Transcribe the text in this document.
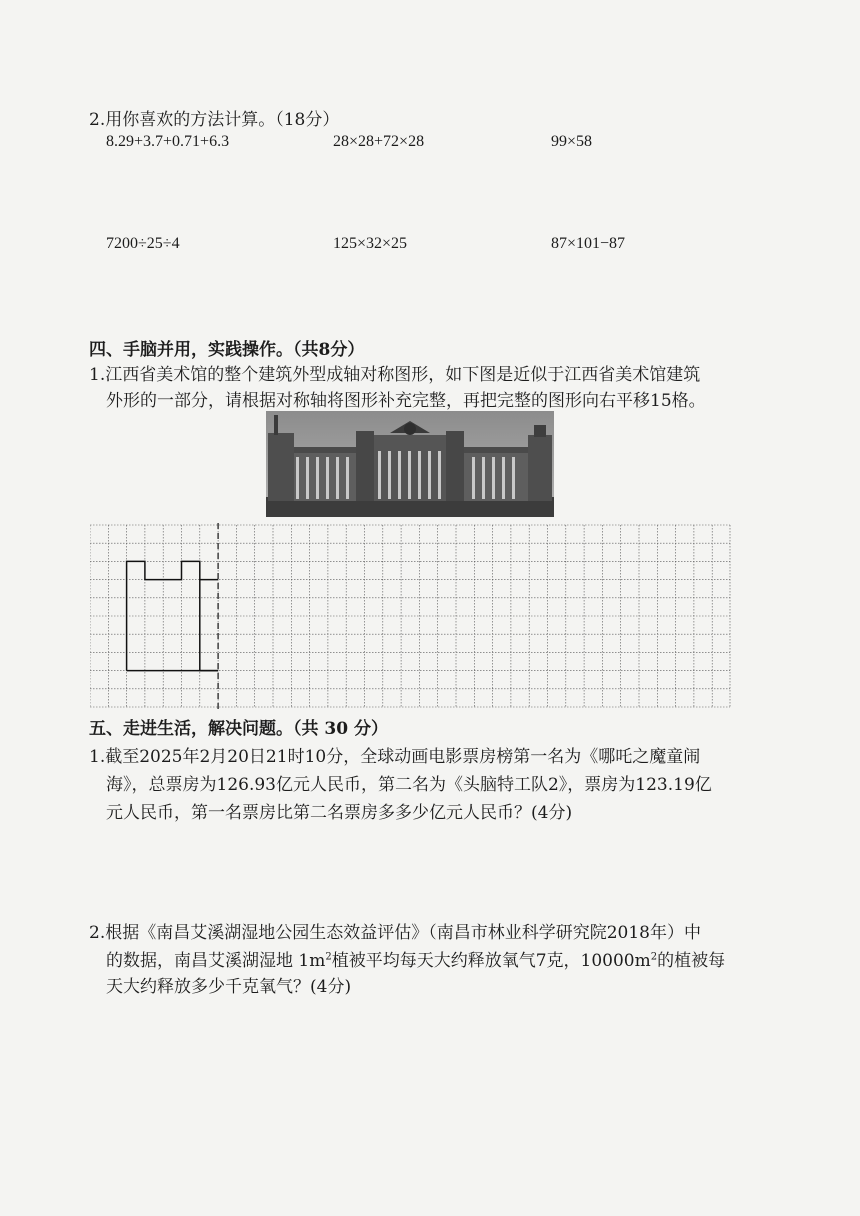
2.用你喜欢的方法计算。（18分）
8.29+3.7+0.71+6.3	28×28+72×28	99×58
7200÷25÷4	125×32×25	87×101−87
四、手脑并用，实践操作。（共8分）
1.江西省美术馆的整个建筑外型成轴对称图形，如下图是近似于江西省美术馆建筑
外形的一部分，请根据对称轴将图形补充完整，再把完整的图形向右平移15格。
五、走进生活，解决问题。（共 30 分）
1.截至2025年2月20日21时10分，全球动画电影票房榜第一名为《哪吒之魔童闹
海》，总票房为126.93亿元人民币，第二名为《头脑特工队2》，票房为123.19亿
元人民币，第一名票房比第二名票房多多少亿元人民币？(4分)
2.根据《南昌艾溪湖湿地公园生态效益评估》（南昌市林业科学研究院2018年）中
的数据，南昌艾溪湖湿地 $1m^2$植被平均每天大约释放氧气7克，$10000m^2$的植被每
天大约释放多少千克氧气？(4分)
